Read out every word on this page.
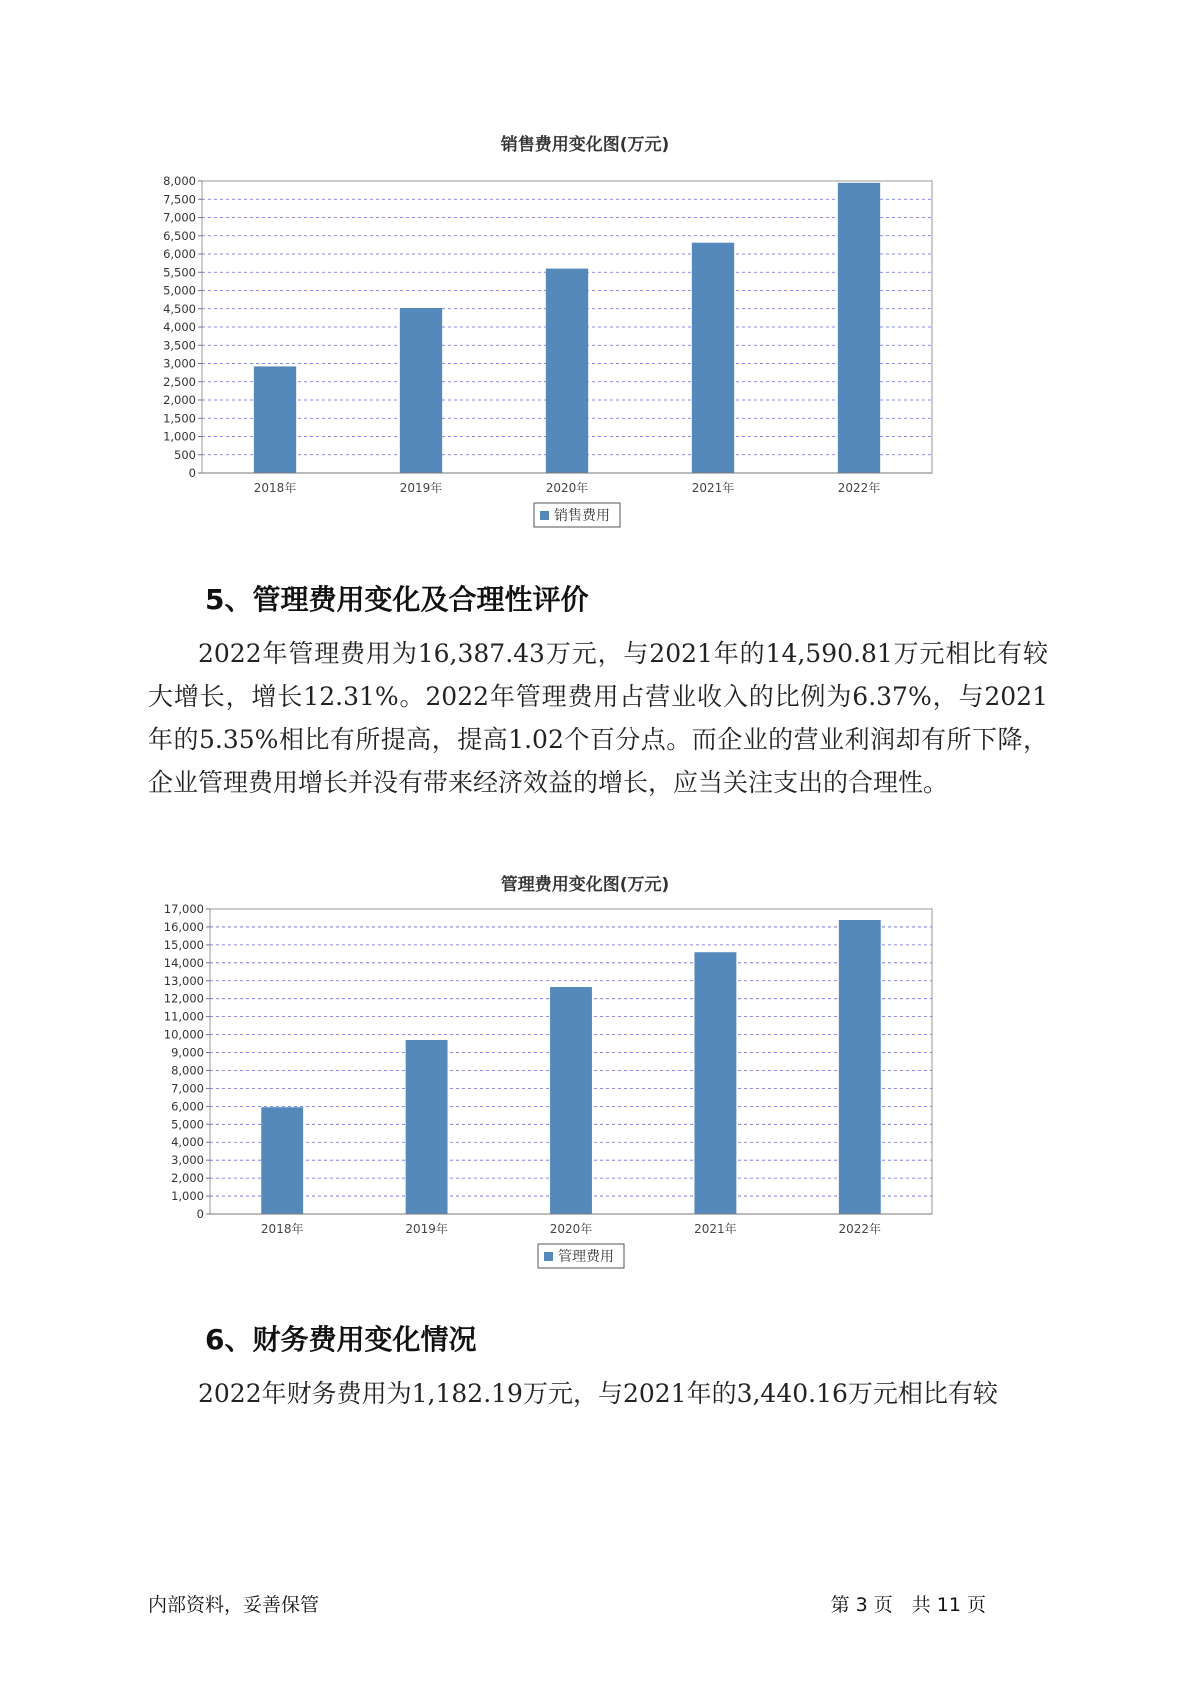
销售费用变化图(万元)
0
500
1,000
1,500
2,000
2,500
3,000
3,500
4,000
4,500
5,000
5,500
6,000
6,500
7,000
7,500
8,000
2018年	2019年	2020年	2021年	2022年
销售费用
5、管理费用变化及合理性评价

2022年管理费用为16,387.43万元，与2021年的14,590.81万元相比有较大增长，增长12.31%。2022年管理费用占营业收入的比例为6.37%，与2021年的5.35%相比有所提高，提高1.02个百分点。而企业的营业利润却有所下降，企业管理费用增长并没有带来经济效益的增长，应当关注支出的合理性。

管理费用变化图(万元)
0
1,000
2,000
3,000
4,000
5,000
6,000
7,000
8,000
9,000
10,000
11,000
12,000
13,000
14,000
15,000
16,000
17,000
2018年	2019年	2020年	2021年	2022年
管理费用
6、财务费用变化情况

2022年财务费用为1,182.19万元，与2021年的3,440.16万元相比有较

内部资料，妥善保管	第 3 页　共 11 页
